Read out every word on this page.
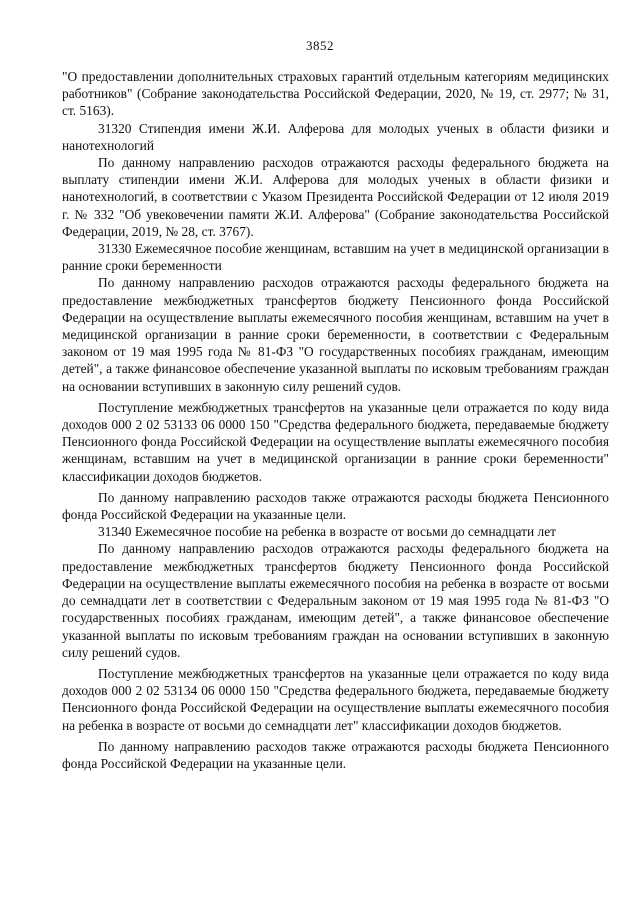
3852

"О предоставлении дополнительных страховых гарантий отдельным категориям медицинских работников" (Собрание законодательства Российской Федерации, 2020, № 19, ст. 2977; № 31, ст. 5163).

31320 Стипендия имени Ж.И. Алферова для молодых ученых в области физики и нанотехнологий

По данному направлению расходов отражаются расходы федерального бюджета на выплату стипендии имени Ж.И. Алферова для молодых ученых в области физики и нанотехнологий, в соответствии с Указом Президента Российской Федерации от 12 июля 2019 г. № 332 "Об увековечении памяти Ж.И. Алферова" (Собрание законодательства Российской Федерации, 2019, № 28, ст. 3767).

31330 Ежемесячное пособие женщинам, вставшим на учет в медицинской организации в ранние сроки беременности

По данному направлению расходов отражаются расходы федерального бюджета на предоставление межбюджетных трансфертов бюджету Пенсионного фонда Российской Федерации на осуществление выплаты ежемесячного пособия женщинам, вставшим на учет в медицинской организации в ранние сроки беременности, в соответствии с Федеральным законом от 19 мая 1995 года № 81-ФЗ "О государственных пособиях гражданам, имеющим детей", а также финансовое обеспечение указанной выплаты по исковым требованиям граждан на основании вступивших в законную силу решений судов.

Поступление межбюджетных трансфертов на указанные цели отражается по коду вида доходов 000 2 02 53133 06 0000 150 "Средства федерального бюджета, передаваемые бюджету Пенсионного фонда Российской Федерации на осуществление выплаты ежемесячного пособия женщинам, вставшим на учет в медицинской организации в ранние сроки беременности" классификации доходов бюджетов.

По данному направлению расходов также отражаются расходы бюджета Пенсионного фонда Российской Федерации на указанные цели.

31340 Ежемесячное пособие на ребенка в возрасте от восьми до семнадцати лет

По данному направлению расходов отражаются расходы федерального бюджета на предоставление межбюджетных трансфертов бюджету Пенсионного фонда Российской Федерации на осуществление выплаты ежемесячного пособия на ребенка в возрасте от восьми до семнадцати лет в соответствии с Федеральным законом от 19 мая 1995 года № 81-ФЗ "О государственных пособиях гражданам, имеющим детей", а также финансовое обеспечение указанной выплаты по исковым требованиям граждан на основании вступивших в законную силу решений судов.

Поступление межбюджетных трансфертов на указанные цели отражается по коду вида доходов 000 2 02 53134 06 0000 150 "Средства федерального бюджета, передаваемые бюджету Пенсионного фонда Российской Федерации на осуществление выплаты ежемесячного пособия на ребенка в возрасте от восьми до семнадцати лет" классификации доходов бюджетов.

По данному направлению расходов также отражаются расходы бюджета Пенсионного фонда Российской Федерации на указанные цели.
